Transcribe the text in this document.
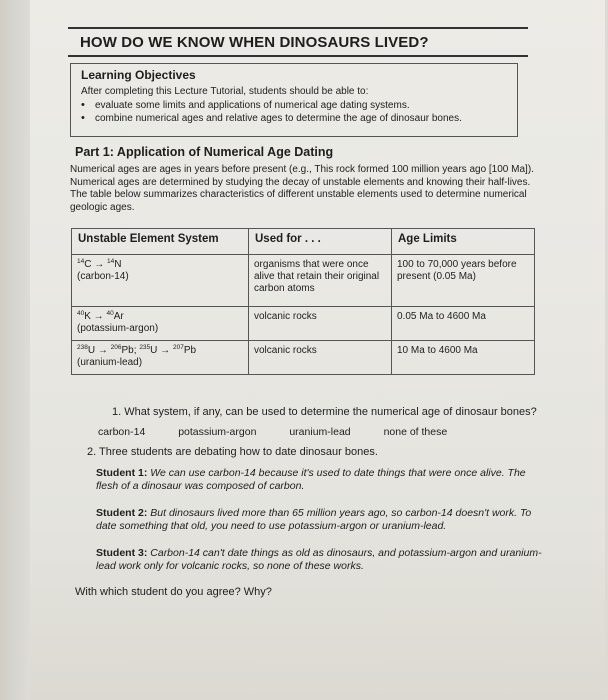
HOW DO WE KNOW WHEN DINOSAURS LIVED?
Learning Objectives
After completing this Lecture Tutorial, students should be able to:
• evaluate some limits and applications of numerical age dating systems.
• combine numerical ages and relative ages to determine the age of dinosaur bones.
Part 1: Application of Numerical Age Dating
Numerical ages are ages in years before present (e.g., This rock formed 100 million years ago [100 Ma]). Numerical ages are determined by studying the decay of unstable elements and knowing their half-lives. The table below summarizes characteristics of different unstable elements used to determine numerical geologic ages.
Unstable Element System	Used for . . .	Age Limits

$^{14}$C → $^{14}$N
(carbon-14)	organisms that were once alive that retain their original carbon atoms	100 to 70,000 years before present (0.05 Ma)

$^{40}$K → $^{40}$Ar
(potassium-argon)	volcanic rocks	0.05 Ma to 4600 Ma

$^{238}$U → $^{206}$Pb; $^{235}$U → $^{207}$Pb
(uranium-lead)	volcanic rocks	10 Ma to 4600 Ma
1. What system, if any, can be used to determine the numerical age of dinosaur bones?
carbon-14	potassium-argon	uranium-lead	none of these
2. Three students are debating how to date dinosaur bones.
Student 1: We can use carbon-14 because it's used to date things that were once alive. The flesh of a dinosaur was composed of carbon.
Student 2: But dinosaurs lived more than 65 million years ago, so carbon-14 doesn't work. To date something that old, you need to use potassium-argon or uranium-lead.
Student 3: Carbon-14 can't date things as old as dinosaurs, and potassium-argon and uranium-lead work only for volcanic rocks, so none of these works.
With which student do you agree? Why?
